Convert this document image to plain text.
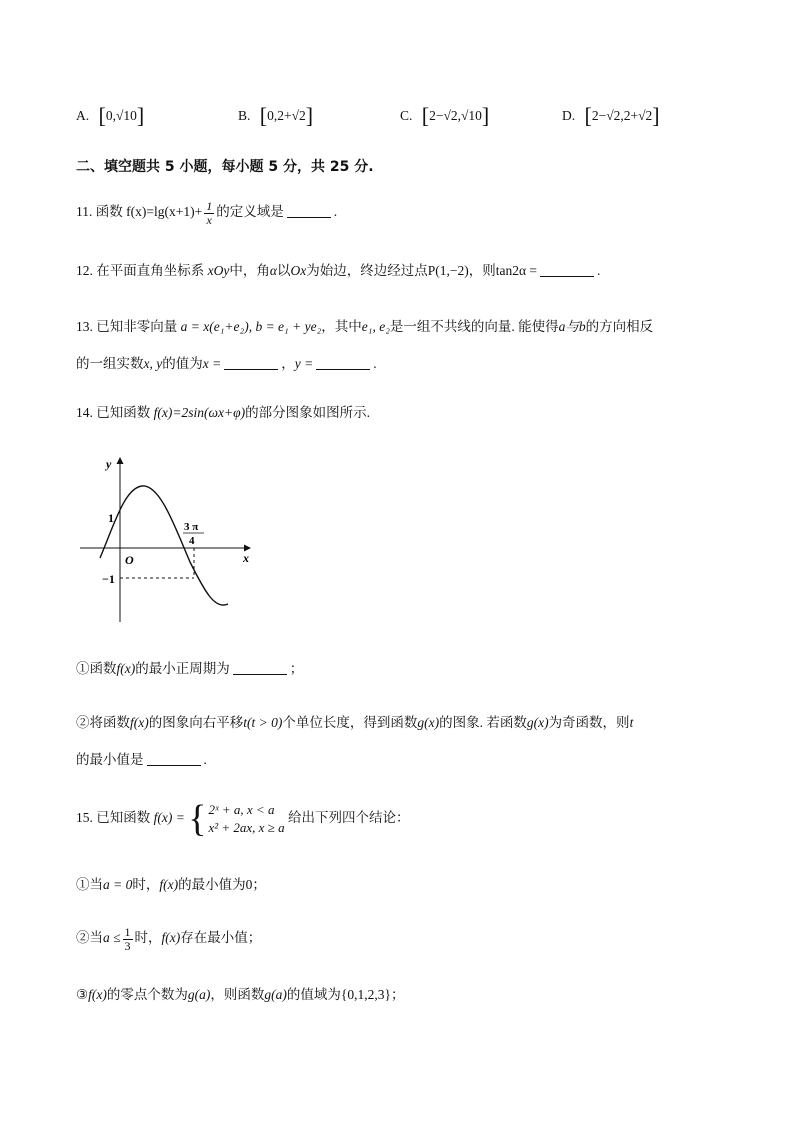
A. [0,√10]	B. [0,2+√2]	C. [2−√2,√10]	D. [2−√2,2+√2]
二、填空题共 5 小题，每小题 5 分，共 25 分.
11. 函数 $f(x)=\lg(x+1)+ \frac{1}{x}$ 的定义域是	.
12. 在平面直角坐标系 xOy中，角α以Ox为始边，终边经过点P(1,−2)，则tan2α =	.
13. 已知非零向量 a = x(e₁+e₂), b = e₁ + ye₂，其中e₁, e₂是一组不共线的向量. 能使得a与b的方向相反
的一组实数x, y的值为x =	，y =	.
14. 已知函数 f(x)=2sin(ωx+φ)的部分图象如图所示.
y
x
O
1
−1
3 π
4
①函数f(x)的最小正周期为	；
②将函数f(x)的图象向右平移t(t > 0)个单位长度，得到函数g(x)的图象. 若函数g(x)为奇函数，则t
的最小值是	.
15. 已知函数 f(x) = { 2ˣ + a, x < a
x² + 2ax, x ≥ a
给出下列四个结论：
①当a = 0时，f(x)的最小值为0；
②当$a \le \frac{1}{3}$ 时，f(x)存在最小值；
③f(x)的零点个数为g(a)，则函数g(a)的值域为{0,1,2,3}；
